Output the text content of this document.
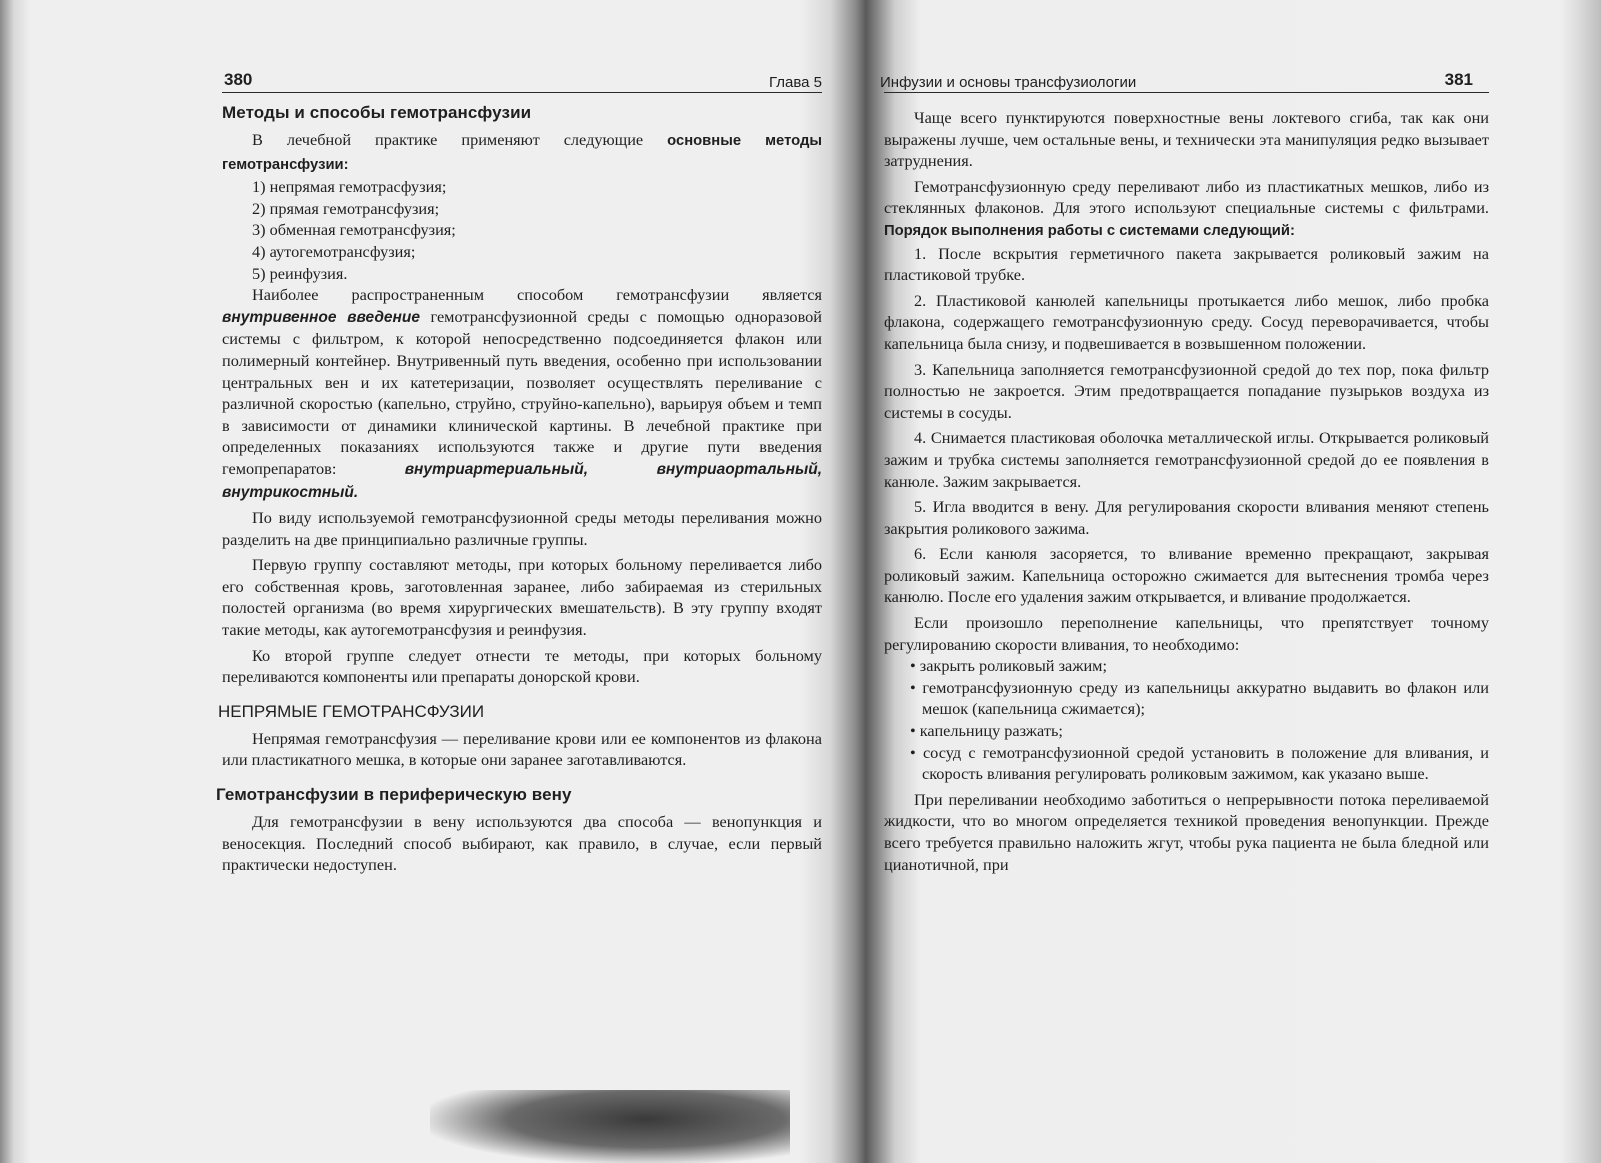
380	Глава 5
Методы и способы гемотрансфузии

В лечебной практике применяют следующие основные методы гемотрансфузии:

1) непрямая гемотрасфузия;
2) прямая гемотрансфузия;
3) обменная гемотрансфузия;
4) аутогемотрансфузия;
5) реинфузия.

Наиболее распространенным способом гемотрансфузии является внутривенное введение гемотрансфузионной среды с помощью одноразовой системы с фильтром, к которой непосредственно подсоединяется флакон или полимерный контейнер. Внутривенный путь введения, особенно при использовании центральных вен и их катетеризации, позволяет осуществлять переливание с различной скоростью (капельно, струйно, струйно-капельно), варьируя объем и темп в зависимости от динамики клинической картины. В лечебной практике при определенных показаниях используются также и другие пути введения гемопрепаратов: внутриартериальный, внутриаортальный, внутрикостный.

По виду используемой гемотрансфузионной среды методы переливания можно разделить на две принципиально различные группы.

Первую группу составляют методы, при которых больному переливается либо его собственная кровь, заготовленная заранее, либо забираемая из стерильных полостей организма (во время хирургических вмешательств). В эту группу входят такие методы, как аутогемотрансфузия и реинфузия.

Ко второй группе следует отнести те методы, при которых больному переливаются компоненты или препараты донорской крови.

НЕПРЯМЫЕ ГЕМОТРАНСФУЗИИ

Непрямая гемотрансфузия — переливание крови или ее компонентов из флакона или пластикатного мешка, в которые они заранее заготавливаются.

Гемотрансфузии в периферическую вену

Для гемотрансфузии в вену используются два способа — венопункция и веносекция. Последний способ выбирают, как правило, в случае, если первый практически недоступен.

Инфузии и основы трансфузиологии	381

Чаще всего пунктируются поверхностные вены локтевого сгиба, так как они выражены лучше, чем остальные вены, и технически эта манипуляция редко вызывает затруднения.

Гемотрансфузионную среду переливают либо из пластикатных мешков, либо из стеклянных флаконов. Для этого используют специальные системы с фильтрами. Порядок выполнения работы с системами следующий:

1. После вскрытия герметичного пакета закрывается роликовый зажим на пластиковой трубке.

2. Пластиковой канюлей капельницы протыкается либо мешок, либо пробка флакона, содержащего гемотрансфузионную среду. Сосуд переворачивается, чтобы капельница была снизу, и подвешивается в возвышенном положении.

3. Капельница заполняется гемотрансфузионной средой до тех пор, пока фильтр полностью не закроется. Этим предотвращается попадание пузырьков воздуха из системы в сосуды.

4. Снимается пластиковая оболочка металлической иглы. Открывается роликовый зажим и трубка системы заполняется гемотрансфузионной средой до ее появления в канюле. Зажим закрывается.

5. Игла вводится в вену. Для регулирования скорости вливания меняют степень закрытия роликового зажима.

6. Если канюля засоряется, то вливание временно прекращают, закрывая роликовый зажим. Капельница осторожно сжимается для вытеснения тромба через канюлю. После его удаления зажим открывается, и вливание продолжается.

Если произошло переполнение капельницы, что препятствует точному регулированию скорости вливания, то необходимо:

• закрыть роликовый зажим;
• гемотрансфузионную среду из капельницы аккуратно выдавить во флакон или мешок (капельница сжимается);
• капельницу разжать;
• сосуд с гемотрансфузионной средой установить в положение для вливания, и скорость вливания регулировать роликовым зажимом, как указано выше.

При переливании необходимо заботиться о непрерывности потока переливаемой жидкости, что во многом определяется техникой проведения венопункции. Прежде всего требуется правильно наложить жгут, чтобы рука пациента не была бледной или цианотичной, при
